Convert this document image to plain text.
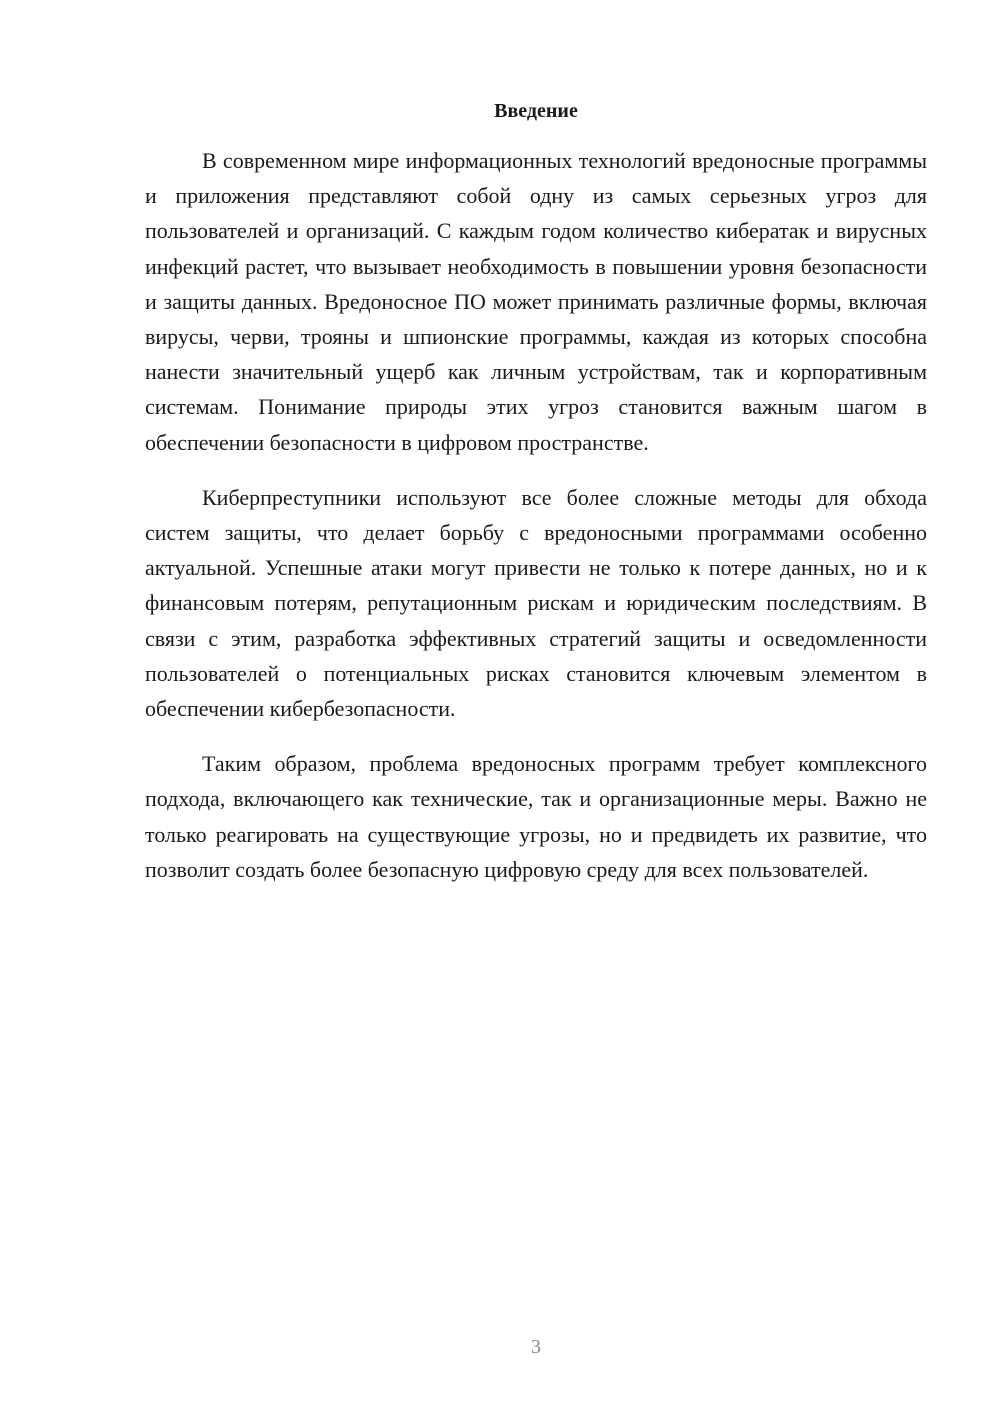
Введение

В современном мире информационных технологий вредоносные программы и приложения представляют собой одну из самых серьезных угроз для пользователей и организаций. С каждым годом количество кибератак и вирусных инфекций растет, что вызывает необходимость в повышении уровня безопасности и защиты данных. Вредоносное ПО может принимать различные формы, включая вирусы, черви, трояны и шпионские программы, каждая из которых способна нанести значительный ущерб как личным устройствам, так и корпоративным системам. Понимание природы этих угроз становится важным шагом в обеспечении безопасности в цифровом пространстве.

Киберпреступники используют все более сложные методы для обхода систем защиты, что делает борьбу с вредоносными программами особенно актуальной. Успешные атаки могут привести не только к потере данных, но и к финансовым потерям, репутационным рискам и юридическим последствиям. В связи с этим, разработка эффективных стратегий защиты и осведомленности пользователей о потенциальных рисках становится ключевым элементом в обеспечении кибербезопасности.

Таким образом, проблема вредоносных программ требует комплексного подхода, включающего как технические, так и организационные меры. Важно не только реагировать на существующие угрозы, но и предвидеть их развитие, что позволит создать более безопасную цифровую среду для всех пользователей.

3
